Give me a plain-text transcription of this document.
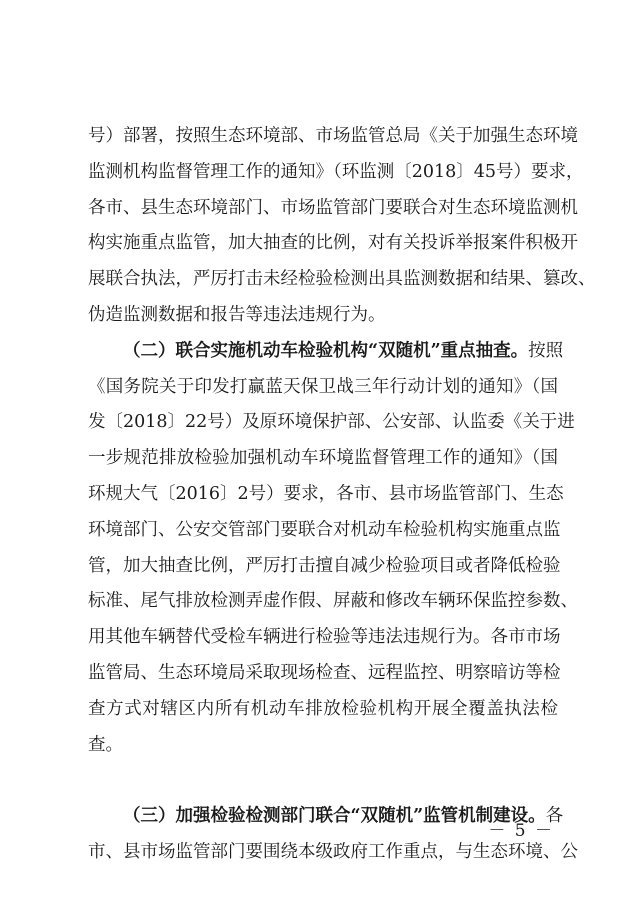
号）部署，按照生态环境部、市场监管总局《关于加强生态环境
监测机构监督管理工作的通知》（环监测〔2018〕45号）要求，
各市、县生态环境部门、市场监管部门要联合对生态环境监测机
构实施重点监管，加大抽查的比例，对有关投诉举报案件积极开
展联合执法，严厉打击未经检验检测出具监测数据和结果、篡改、
伪造监测数据和报告等违法违规行为。
（二）联合实施机动车检验机构“双随机”重点抽查。按照
《国务院关于印发打赢蓝天保卫战三年行动计划的通知》（国
发〔2018〕22号）及原环境保护部、公安部、认监委《关于进
一步规范排放检验加强机动车环境监督管理工作的通知》（国
环规大气〔2016〕2号）要求，各市、县市场监管部门、生态
环境部门、公安交管部门要联合对机动车检验机构实施重点监
管，加大抽查比例，严厉打击擅自减少检验项目或者降低检验
标准、尾气排放检测弄虚作假、屏蔽和修改车辆环保监控参数、
用其他车辆替代受检车辆进行检验等违法违规行为。各市市场
监管局、生态环境局采取现场检查、远程监控、明察暗访等检
查方式对辖区内所有机动车排放检验机构开展全覆盖执法检
查。
（三）加强检验检测部门联合“双随机”监管机制建设。各
市、县市场监管部门要围绕本级政府工作重点，与生态环境、公
－ 5 －
